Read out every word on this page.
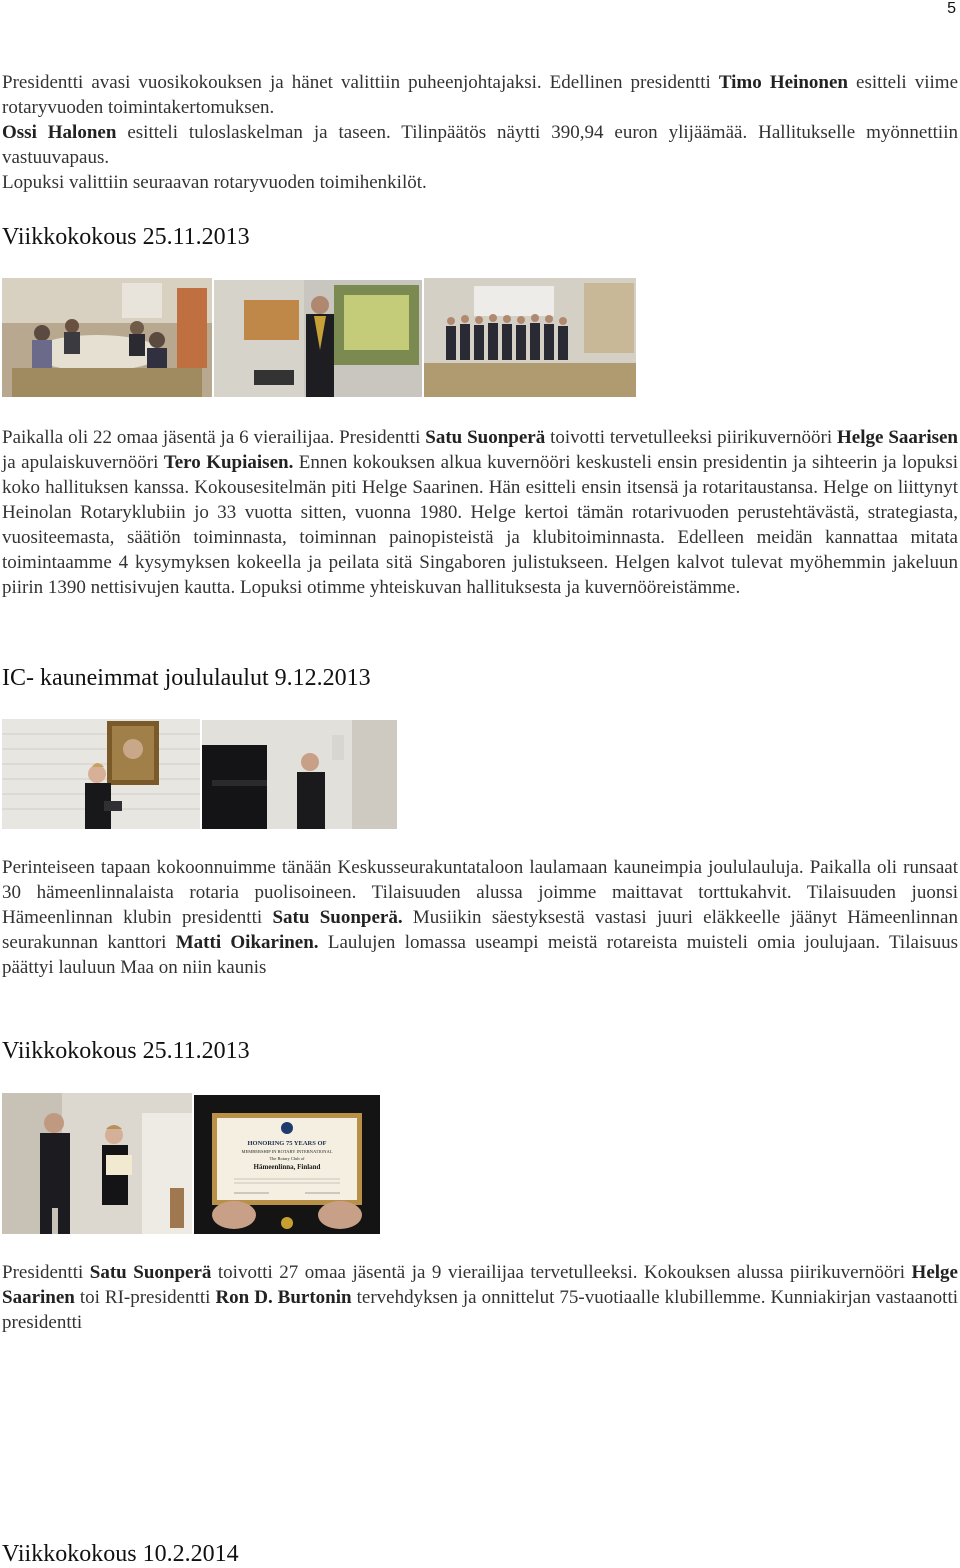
5
Presidentti avasi vuosikokouksen ja hänet valittiin puheenjohtajaksi. Edellinen presidentti Timo Heinonen esitteli viime rotaryvuoden toimintakertomuksen.
Ossi Halonen esitteli tuloslaskelman ja taseen. Tilinpäätös näytti 390,94 euron ylijäämää. Hallitukselle myönnettiin vastuuvapaus.
Lopuksi valittiin seuraavan rotaryvuoden toimihenkilöt.
Viikkokokous 25.11.2013
Paikalla oli 22 omaa jäsentä ja 6 vierailijaa. Presidentti Satu Suonperä toivotti tervetulleeksi piirikuvernööri Helge Saarisen ja apulaiskuvernööri Tero Kupiaisen. Ennen kokouksen alkua kuvernööri keskusteli ensin presidentin ja sihteerin ja lopuksi koko hallituksen kanssa. Kokousesitelmän piti Helge Saarinen. Hän esitteli ensin itsensä ja rotaritaustansa. Helge on liittynyt Heinolan Rotaryklubiin jo 33 vuotta sitten, vuonna 1980. Helge kertoi tämän rotarivuoden perustehtävästä, strategiasta, vuositeemasta, säätiön toiminnasta, toiminnan painopisteistä ja klubitoiminnasta. Edelleen meidän kannattaa mitata toimintaamme 4 kysymyksen kokeella ja peilata sitä Singaboren julistukseen. Helgen kalvot tulevat myöhemmin jakeluun piirin 1390 nettisivujen kautta. Lopuksi otimme yhteiskuvan hallituksesta ja kuvernöörеistämme.
IC- kauneimmat joululaulut 9.12.2013
Perinteiseen tapaan kokoonnuimme tänään Keskusseurakuntataloon laulamaan kauneimpia joululauluja. Paikalla oli runsaat 30 hämeenlinnalaista rotaria puolisoineen. Tilaisuuden alussa joimme maittavat torttukahvit. Tilaisuuden juonsi Hämeenlinnan klubin presidentti Satu Suonperä. Musiikin säestyksestä vastasi juuri eläkkeelle jäänyt Hämeenlinnan seurakunnan kanttori Matti Oikarinen. Laulujen lomassa useampi meistä rotareista muisteli omia joulujaan. Tilaisuus päättyi lauluun Maa on niin kaunis
Viikkokokous 25.11.2013
HONORING 75 YEARS OF
MEMBERSHIP IN ROTARY INTERNATIONAL
The Rotary Club of
Hämeenlinna, Finland
Presidentti Satu Suonperä toivotti 27 omaa jäsentä ja 9 vierailijaa tervetulleeksi. Kokouksen alussa piirikuvernööri Helge Saarinen toi RI-presidentti Ron D. Burtonin tervehdyksen ja onnittelut 75-vuotiaalle klubillemme. Kunniakirjan vastaanotti presidentti
Viikkokokous 10.2.2014
